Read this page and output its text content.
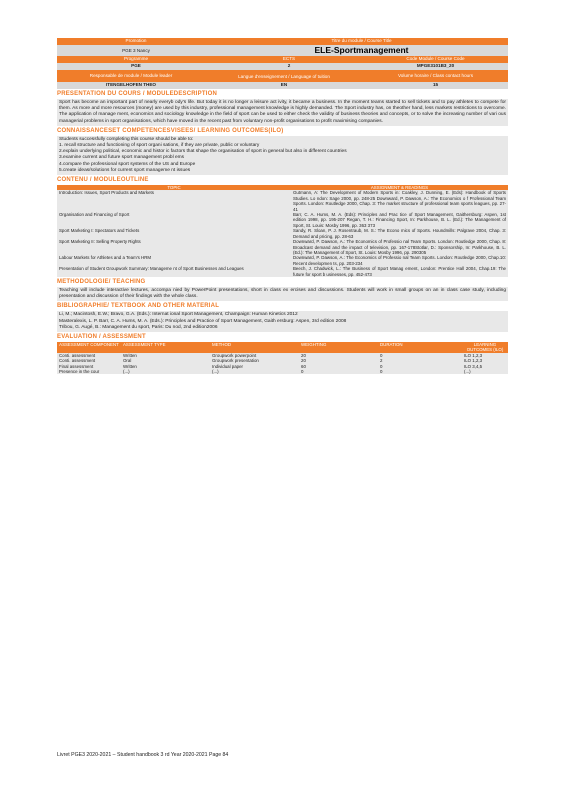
Promotion	Titre du module / Course Title
PGE 3 Nancy	ELE-Sportmanagement
Programme	ECTS	Code Module / Course Code
PGE	2	MPGE3101B3_20
Responsable de module / Module leader	Langue d'enseignement / Language of tuition	Volume horaire / Class contact hours
ITENGELHOFEN THEO	EN	15
PRESENTATION DU COURS / MODULEDESCRIPTION
Sport has become an important part of nearly everyb ody's life. But today it is no longer a leisure act ivity, it became a business. In the moment teams started to sell tickets and to pay athletes to compete for them. As more and more resources (money) are used by this industry, professional management knowledge is highly demanded. The Sport industry has, on theother hand, less markets restrictions to overcome. The application of manage ment, economics and sociology knowledge in the field of sport can be used to either check the validity of business theories and concepts, or to solve the increasing number of vari ous managerial problems in sport organisations, which have moved in the recent past from voluntary non-profit organisations to profit maximising companies.
CONNAISSANCESET COMPETENCESVISEES/ LEARNING OUTCOMES(ILO)
Students successfully completing this course should be able to:
1. recall structure and functioning of sport organi sations, if they are private, public or voluntary
2.explain underlying political, economic and histor ic factors that shape the organisation of sport in general but also in different countries
3.examine current and future sport management probl ems
4.compare the professional sport systems of the US and Europe
5.create ideas/solutions for current sport manageme nt issues
CONTENU / MODULEOUTLINE
TOPIC	ASSIGNMENT & READINGS
Introduction: Issues, Sport Products and Markets	Gutmann, A: The Development of Modern Sports in: Coakley, J. Dunning, E. (Eds): Handbook of Sports Studies. Lo ndon: Sage 2000, pp. 248-25 Downward, P. Dawson, A.: The Economics o f Professional Team Sports. London: Routledge 2000, Chap. 3: The market structure of professional team sports leagues, pp. 27-41
Organisation and Financing of Sport	Barr, C. A. Hums, M. A. (Eds): Principles and Prac tice of Sport Management, Gaithersburg: Aspen, 1st edition 1998, pp. 195-207 Regan, T. H.: Financing Sport, In: Parkhouse, B. L. (Ed.): The Management of Sport, St. Louis: Mosby 1996, pp. 363 373
Sport Marketing I: Spectators and Tickets	Sandy, R. Sloan, P. J. Rosentraub, M. S.: The Econo mics of Sports. Houndmills: Palgrave 2004, Chap. 3: Demand and pricing, pp. 28-63
Sport Marketing II: Selling Property Rights	Downward, P. Dawson, A.: The Economics of Professio nal Team Sports. London: Routledge 2000, Chap. 8: Broadcast demand and the impact of television, pp. 167-178Stotlar, D.: Sponsorship, In: Parkhouse, B. L. (Ed.): The Management of Sport, St. Louis: Mosby 1996, pp. 290305
Labour Markets for Athletes and a Team's HRM	Downward, P. Dawson, A.: The Economics of Professio nal Team Sports. London: Routledge 2000, Chap.10: Recent developmen ts, pp. 203-234
Presentation of Student Groupwork Summary: Manageme nt of Sport Businesses and Leagues	Beech, J. Chadwick, L.: The Business of Sport Manag ement, London: Prentice Hall 2004, Chap.19: The future for sport b usinesses, pp. 452-473
METHODOLOGIE/ TEACHING
Teaching will include interactive lectures, accompa nied by PowerPoint presentations, short in class ex ercises and discussions. Students will work in small groups on an in class case study, including presentation and discussion of their findings with the whole class.
BIBLIOGRAPHIE/ TEXTBOOK AND OTHER MATERIAL
Li, M.; Macintosh, E.W.; Bravo, G.A. (Eds.): Internat ional Sport Management, Champaign: Human Kinetics 2012
Masteralexis, L. P. Barr, C. A. Hums, M. A. (Eds.): Principles and Practice of Sport Management, Gaith ersburg: Aspen, 3rd edition 2008
Tribou, G. Augé, B.: Management du sport, Paris: Du nod, 2nd edition2006
EVALUATION / ASSESSMENT
ASSESSMENT COMPONENT	ASSESSMENT TYPE	METHOD	WEIGHTING	DURATION	LEARNING OUTCOMES (ILO)
Conti. assessment	Written	Groupwork powerpoint	20	0	ILO 1,2,3
Conti. assessment	Oral	Groupwork presentation	20	2	ILO 1,2,3
Final assessment	Written	Individual paper	60	0	ILO 3,4,5
Presence in the cour	(...)	(...)	0	0	(...)
Livret PGE3 2020-2021 – Student handbook 3 rd Year 2020-2021 Page 84
